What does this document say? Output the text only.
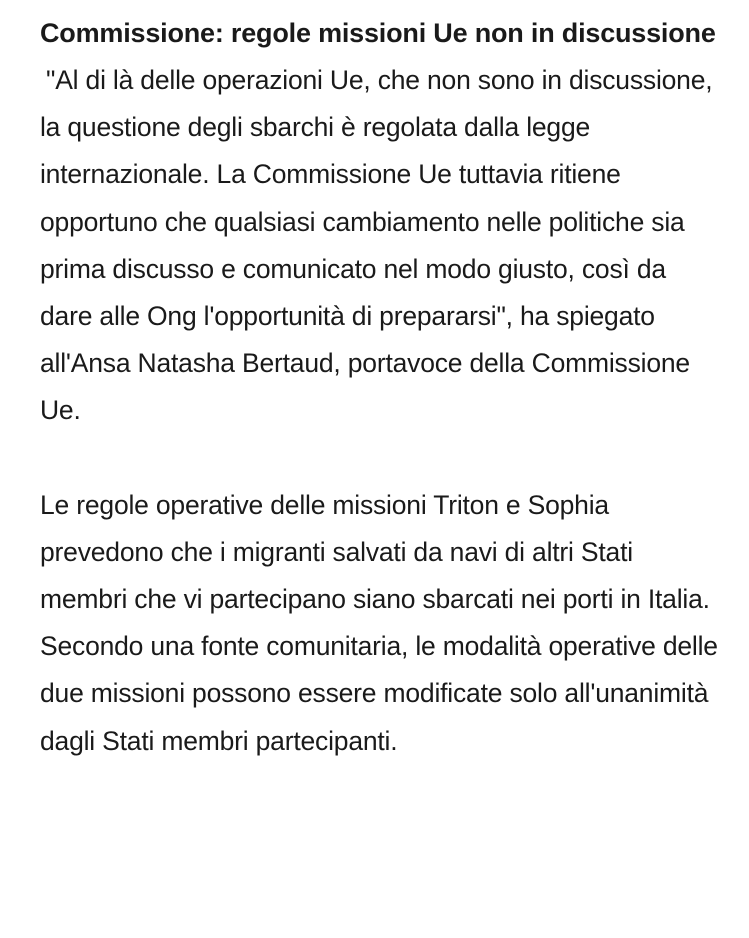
Commissione: regole missioni Ue non in discussione

"Al di là delle operazioni Ue, che non sono in discussione, la questione degli sbarchi è regolata dalla legge internazionale. La Commissione Ue tuttavia ritiene opportuno che qualsiasi cambiamento nelle politiche sia prima discusso e comunicato nel modo giusto, così da dare alle Ong l'opportunità di prepararsi", ha spiegato all'Ansa Natasha Bertaud, portavoce della Commissione Ue.

Le regole operative delle missioni Triton e Sophia prevedono che i migranti salvati da navi di altri Stati membri che vi partecipano siano sbarcati nei porti in Italia. Secondo una fonte comunitaria, le modalità operative delle due missioni possono essere modificate solo all'unanimità dagli Stati membri partecipanti.
